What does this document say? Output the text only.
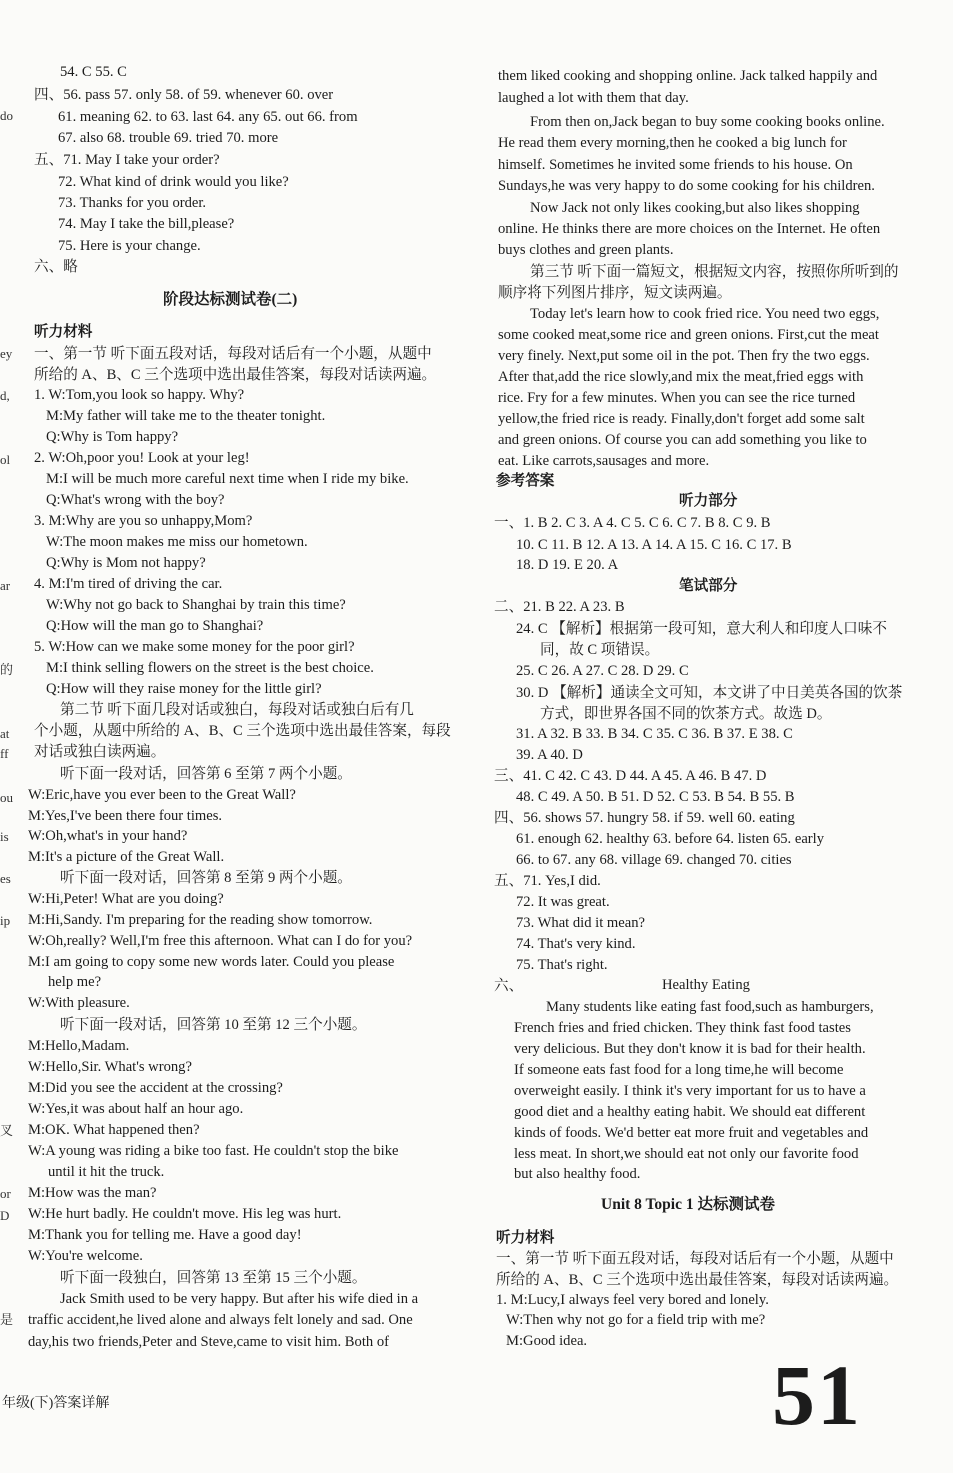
54. C 55. C
四、56. pass 57. only 58. of 59. whenever 60. over
61. meaning 62. to 63. last 64. any 65. out 66. from
67. also 68. trouble 69. tried 70. more
五、71. May I take your order?
72. What kind of drink would you like?
73. Thanks for you order.
74. May I take the bill,please?
75. Here is your change.
六、略
阶段达标测试卷(二)
听力材料
一、第一节 听下面五段对话，每段对话后有一个小题，从题中
所给的 A、B、C 三个选项中选出最佳答案，每段对话读两遍。
1. W:Tom,you look so happy. Why?
M:My father will take me to the theater tonight.
Q:Why is Tom happy?
2. W:Oh,poor you! Look at your leg!
M:I will be much more careful next time when I ride my bike.
Q:What's wrong with the boy?
3. M:Why are you so unhappy,Mom?
W:The moon makes me miss our hometown.
Q:Why is Mom not happy?
4. M:I'm tired of driving the car.
W:Why not go back to Shanghai by train this time?
Q:How will the man go to Shanghai?
5. W:How can we make some money for the poor girl?
M:I think selling flowers on the street is the best choice.
Q:How will they raise money for the little girl?
第二节 听下面几段对话或独白，每段对话或独白后有几
个小题，从题中所给的 A、B、C 三个选项中选出最佳答案，每段
对话或独白读两遍。
听下面一段对话，回答第 6 至第 7 两个小题。
W:Eric,have you ever been to the Great Wall?
M:Yes,I've been there four times.
W:Oh,what's in your hand?
M:It's a picture of the Great Wall.
听下面一段对话，回答第 8 至第 9 两个小题。
W:Hi,Peter! What are you doing?
M:Hi,Sandy. I'm preparing for the reading show tomorrow.
W:Oh,really? Well,I'm free this afternoon. What can I do for you?
M:I am going to copy some new words later. Could you please
help me?
W:With pleasure.
听下面一段对话，回答第 10 至第 12 三个小题。
M:Hello,Madam.
W:Hello,Sir. What's wrong?
M:Did you see the accident at the crossing?
W:Yes,it was about half an hour ago.
M:OK. What happened then?
W:A young was riding a bike too fast. He couldn't stop the bike
until it hit the truck.
M:How was the man?
W:He hurt badly. He couldn't move. His leg was hurt.
M:Thank you for telling me. Have a good day!
W:You're welcome.
听下面一段独白，回答第 13 至第 15 三个小题。
Jack Smith used to be very happy. But after his wife died in a
traffic accident,he lived alone and always felt lonely and sad. One
day,his two friends,Peter and Steve,came to visit him. Both of
them liked cooking and shopping online. Jack talked happily and
laughed a lot with them that day.
From then on,Jack began to buy some cooking books online.
He read them every morning,then he cooked a big lunch for
himself. Sometimes he invited some friends to his house. On
Sundays,he was very happy to do some cooking for his children.
Now Jack not only likes cooking,but also likes shopping
online. He thinks there are more choices on the Internet. He often
buys clothes and green plants.
第三节 听下面一篇短文，根据短文内容，按照你所听到的
顺序将下列图片排序，短文读两遍。
Today let's learn how to cook fried rice. You need two eggs,
some cooked meat,some rice and green onions. First,cut the meat
very finely. Next,put some oil in the pot. Then fry the two eggs.
After that,add the rice slowly,and mix the meat,fried eggs with
rice. Fry for a few minutes. When you can see the rice turned
yellow,the fried rice is ready. Finally,don't forget add some salt
and green onions. Of course you can add something you like to
eat. Like carrots,sausages and more.
参考答案
听力部分
一、1. B 2. C 3. A 4. C 5. C 6. C 7. B 8. C 9. B
10. C 11. B 12. A 13. A 14. A 15. C 16. C 17. B
18. D 19. E 20. A
笔试部分
二、21. B 22. A 23. B
24. C 【解析】根据第一段可知，意大利人和印度人口味不
同，故 C 项错误。
25. C 26. A 27. C 28. D 29. C
30. D 【解析】通读全文可知，本文讲了中日美英各国的饮茶
方式，即世界各国不同的饮茶方式。故选 D。
31. A 32. B 33. B 34. C 35. C 36. B 37. E 38. C
39. A 40. D
三、41. C 42. C 43. D 44. A 45. A 46. B 47. D
48. C 49. A 50. B 51. D 52. C 53. B 54. B 55. B
四、56. shows 57. hungry 58. if 59. well 60. eating
61. enough 62. healthy 63. before 64. listen 65. early
66. to 67. any 68. village 69. changed 70. cities
五、71. Yes,I did.
72. It was great.
73. What did it mean?
74. That's very kind.
75. That's right.
六、	Healthy Eating
Many students like eating fast food,such as hamburgers,
French fries and fried chicken. They think fast food tastes
very delicious. But they don't know it is bad for their health.
If someone eats fast food for a long time,he will become
overweight easily. I think it's very important for us to have a
good diet and a healthy eating habit. We should eat different
kinds of foods. We'd better eat more fruit and vegetables and
less meat. In short,we should eat not only our favorite food
but also healthy food.
Unit 8 Topic 1 达标测试卷
听力材料
一、第一节 听下面五段对话，每段对话后有一个小题，从题中
所给的 A、B、C 三个选项中选出最佳答案，每段对话读两遍。
1. M:Lucy,I always feel very bored and lonely.
W:Then why not go for a field trip with me?
M:Good idea.
do
ey
d,
ol
ar
的
at
ff
ou
is
es
ip
叉
or
D
是
年级(下)答案详解	51
